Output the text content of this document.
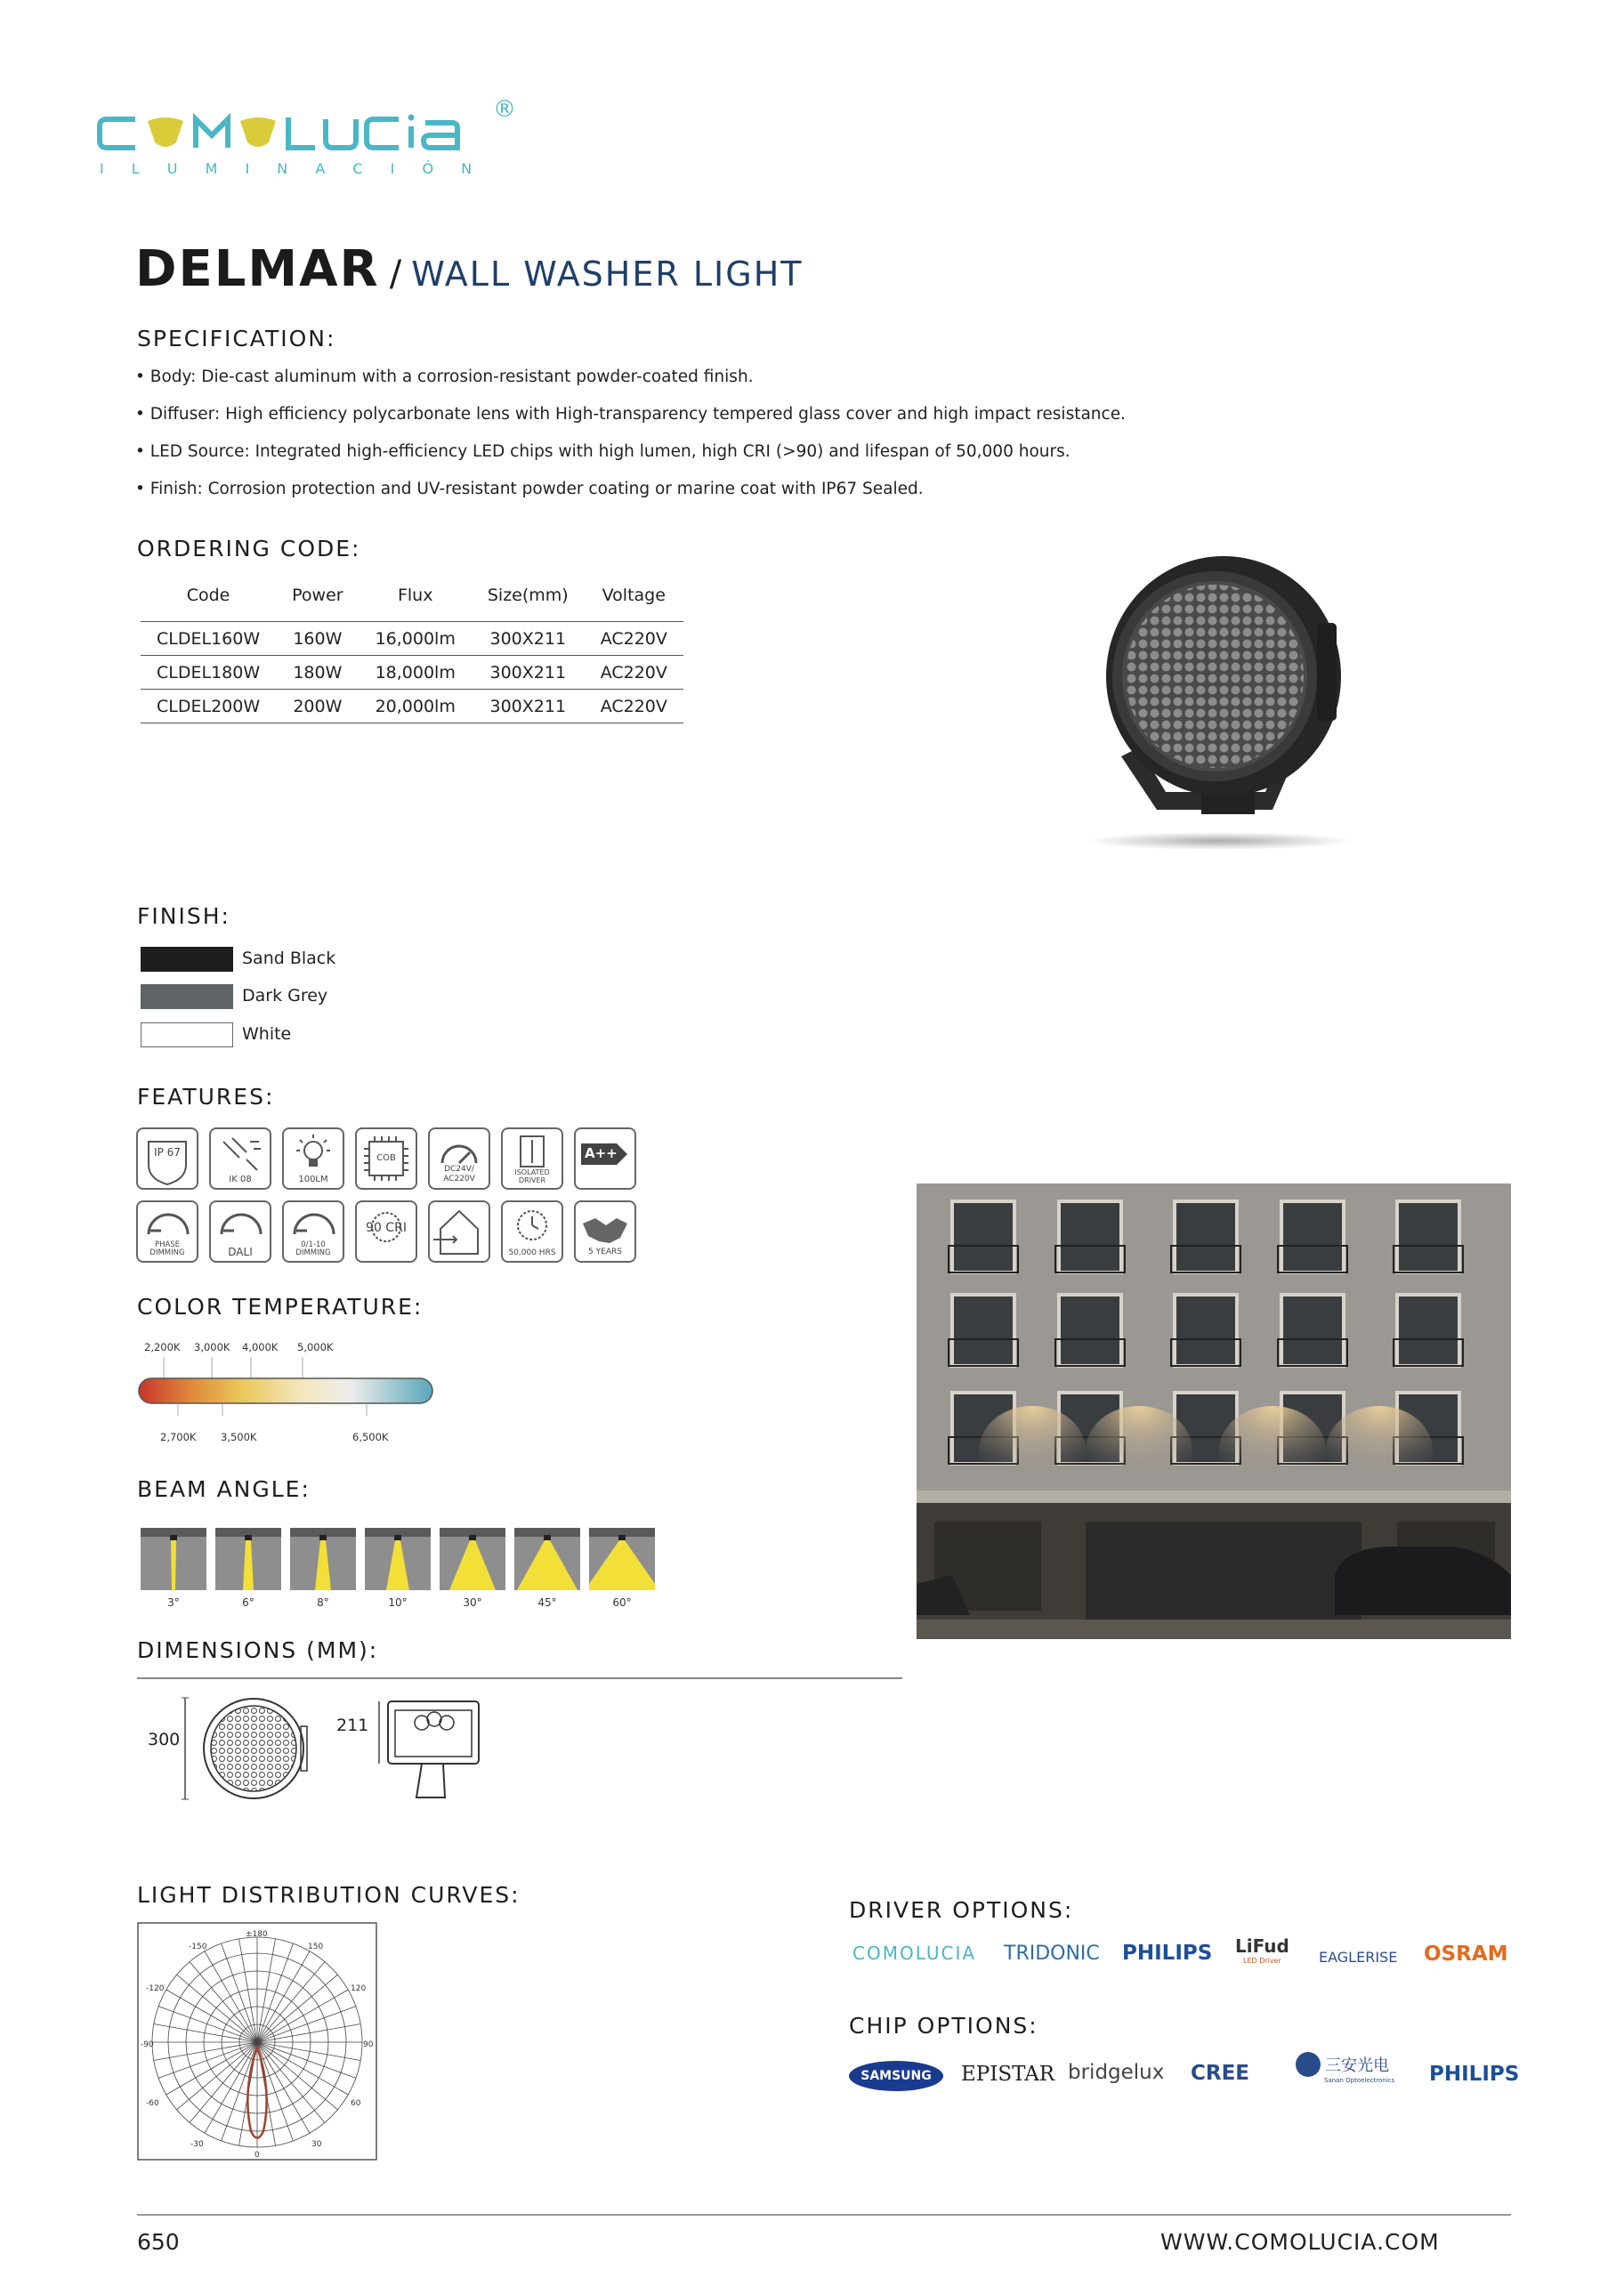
®
I L U M I N A C I Ó N
DELMAR / WALL WASHER LIGHT
SPECIFICATION:
• Body: Die-cast aluminum with a corrosion-resistant powder-coated finish.
• Diffuser: High efficiency polycarbonate lens with High-transparency tempered glass cover and high impact resistance.
• LED Source: Integrated high-efficiency LED chips with high lumen, high CRI (>90) and lifespan of 50,000 hours.
• Finish: Corrosion protection and UV-resistant powder coating or marine coat with IP67 Sealed.
ORDERING CODE:
Code	Power	Flux	Size(mm)	Voltage
CLDEL160W	160W	16,000lm	300X211	AC220V
CLDEL180W	180W	18,000lm	300X211	AC220V
CLDEL200W	200W	20,000lm	300X211	AC220V
FINISH:
Sand Black
Dark Grey
White
FEATURES:
IP 67
IK 08	100LM
COB
DC24V/ AC220V
ISOLATED DRIVER
A++
PHASE DIMMING	DALI
0/1-10 DIMMING
90 CRI
50,000 HRS	5 YEARS
COLOR TEMPERATURE:
2,200K 3,000K 4,000K 5,000K
2,700K 3,500K	6,500K
BEAM ANGLE:
3°	6°	8°	10°	30°	45°	60°
DIMENSIONS (MM):
300
211
LIGHT DISTRIBUTION CURVES:
±180
150
120
90
60
30
0
-150
-120
-90
-60
-30
DRIVER OPTIONS:
COMOLUCIA TRIDONIC PHILIPS LiFud
LED Driver	EAGLERISE OSRAM
CHIP OPTIONS:
SAMSUNG	EPISTAR bridgelux CREE	三安光电
Sanan Optoelectronics PHILIPS
650	WWW.COMOLUCIA.COM
